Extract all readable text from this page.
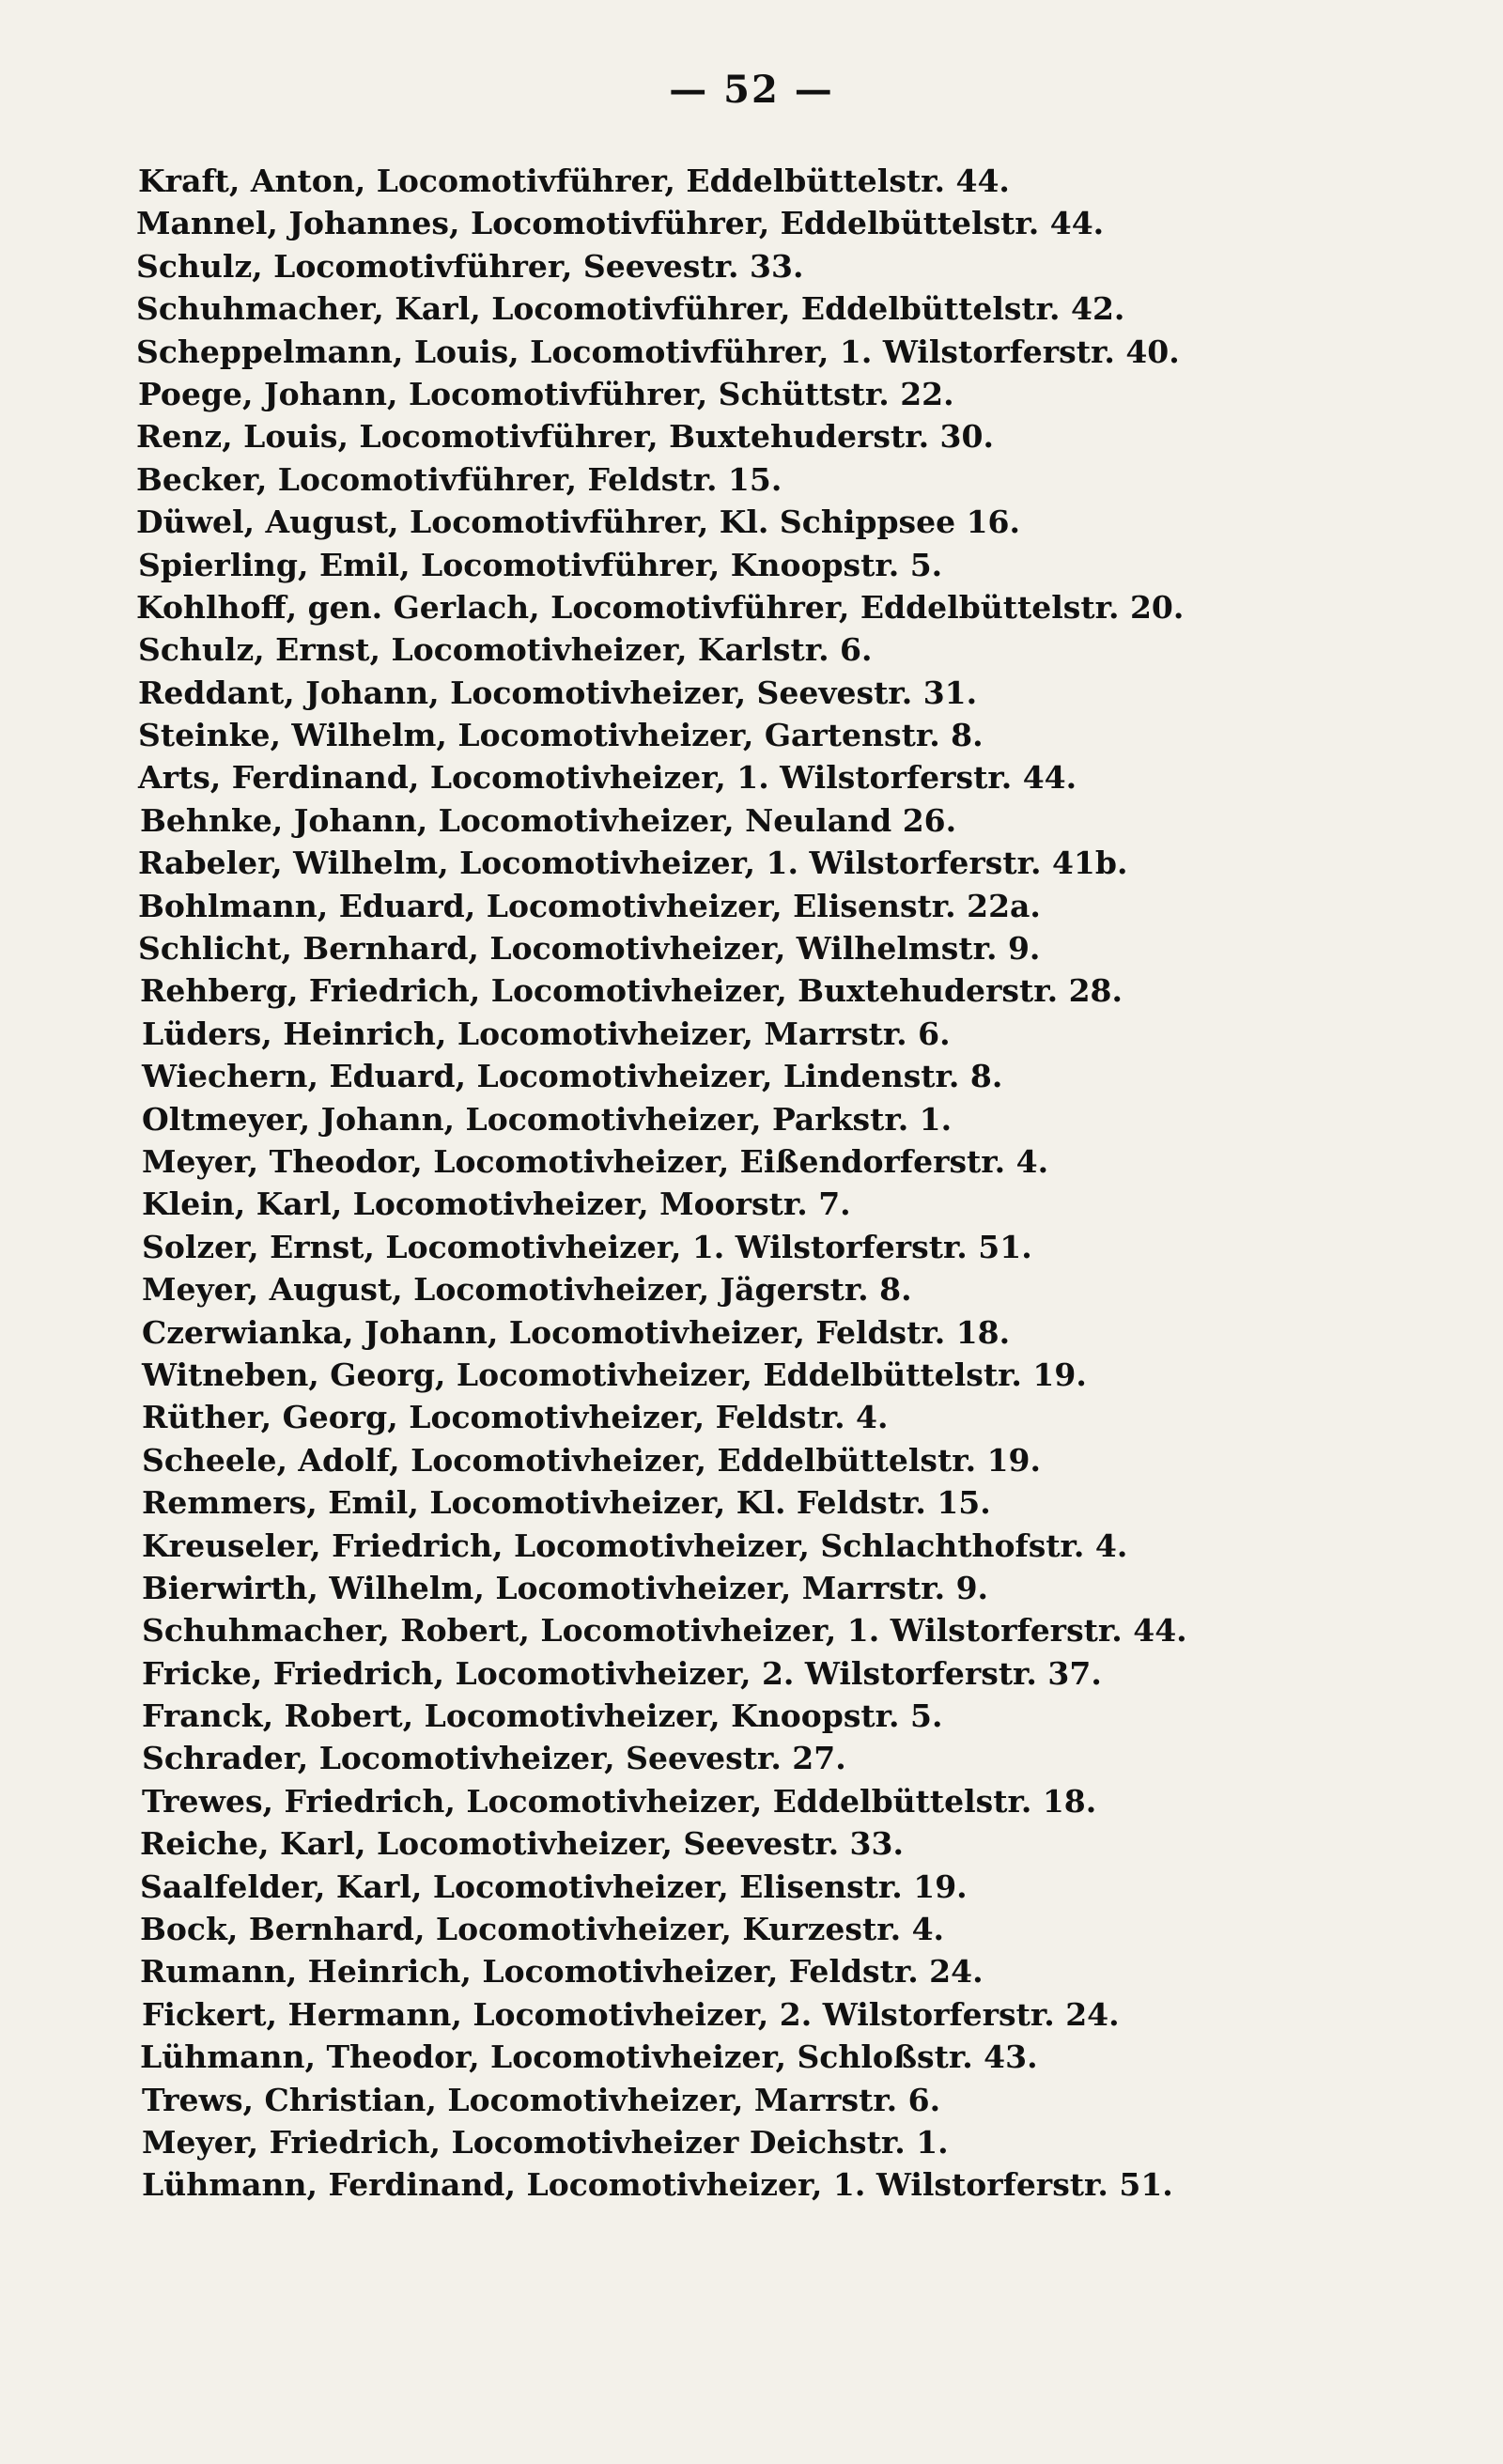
— 52 —
Kraft, Anton, Locomotivführer, Eddelbüttelstr. 44.
Mannel, Johannes, Locomotivführer, Eddelbüttelstr. 44.
Schulz, Locomotivführer, Seevestr. 33.
Schuhmacher, Karl, Locomotivführer, Eddelbüttelstr. 42.
Scheppelmann, Louis, Locomotivführer, 1. Wilstorferstr. 40.
Poege, Johann, Locomotivführer, Schüttstr. 22.
Renz, Louis, Locomotivführer, Buxtehuderstr. 30.
Becker, Locomotivführer, Feldstr. 15.
Düwel, August, Locomotivführer, Kl. Schippsee 16.
Spierling, Emil, Locomotivführer, Knoopstr. 5.
Kohlhoff, gen. Gerlach, Locomotivführer, Eddelbüttelstr. 20.
Schulz, Ernst, Locomotivheizer, Karlstr. 6.
Reddant, Johann, Locomotivheizer, Seevestr. 31.
Steinke, Wilhelm, Locomotivheizer, Gartenstr. 8.
Arts, Ferdinand, Locomotivheizer, 1. Wilstorferstr. 44.
Behnke, Johann, Locomotivheizer, Neuland 26.
Rabeler, Wilhelm, Locomotivheizer, 1. Wilstorferstr. 41b.
Bohlmann, Eduard, Locomotivheizer, Elisenstr. 22a.
Schlicht, Bernhard, Locomotivheizer, Wilhelmstr. 9.
Rehberg, Friedrich, Locomotivheizer, Buxtehuderstr. 28.
Lüders, Heinrich, Locomotivheizer, Marrstr. 6.
Wiechern, Eduard, Locomotivheizer, Lindenstr. 8.
Oltmeyer, Johann, Locomotivheizer, Parkstr. 1.
Meyer, Theodor, Locomotivheizer, Eißendorferstr. 4.
Klein, Karl, Locomotivheizer, Moorstr. 7.
Solzer, Ernst, Locomotivheizer, 1. Wilstorferstr. 51.
Meyer, August, Locomotivheizer, Jägerstr. 8.
Czerwianka, Johann, Locomotivheizer, Feldstr. 18.
Witneben, Georg, Locomotivheizer, Eddelbüttelstr. 19.
Rüther, Georg, Locomotivheizer, Feldstr. 4.
Scheele, Adolf, Locomotivheizer, Eddelbüttelstr. 19.
Remmers, Emil, Locomotivheizer, Kl. Feldstr. 15.
Kreuseler, Friedrich, Locomotivheizer, Schlachthofstr. 4.
Bierwirth, Wilhelm, Locomotivheizer, Marrstr. 9.
Schuhmacher, Robert, Locomotivheizer, 1. Wilstorferstr. 44.
Fricke, Friedrich, Locomotivheizer, 2. Wilstorferstr. 37.
Franck, Robert, Locomotivheizer, Knoopstr. 5.
Schrader, Locomotivheizer, Seevestr. 27.
Trewes, Friedrich, Locomotivheizer, Eddelbüttelstr. 18.
Reiche, Karl, Locomotivheizer, Seevestr. 33.
Saalfelder, Karl, Locomotivheizer, Elisenstr. 19.
Bock, Bernhard, Locomotivheizer, Kurzestr. 4.
Rumann, Heinrich, Locomotivheizer, Feldstr. 24.
Fickert, Hermann, Locomotivheizer, 2. Wilstorferstr. 24.
Lühmann, Theodor, Locomotivheizer, Schloßstr. 43.
Trews, Christian, Locomotivheizer, Marrstr. 6.
Meyer, Friedrich, Locomotivheizer Deichstr. 1.
Lühmann, Ferdinand, Locomotivheizer, 1. Wilstorferstr. 51.
